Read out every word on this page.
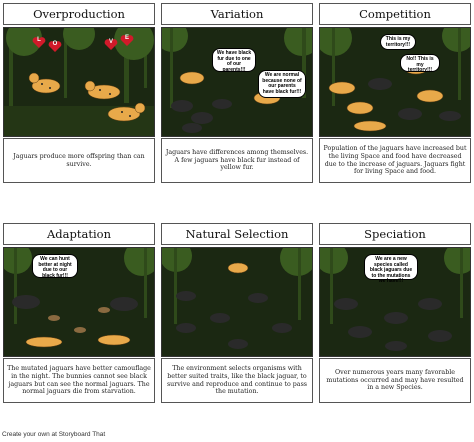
Overproduction
L
O	V
E
Jaguars produce more offspring than can survive.
Variation
We have black fur due to one of our parents!!!
We are normal because none of our parents have black fur!!!
Jaguars have differences among themselves. A few jaguars have black fur instead of yellow fur.
Competition
This is my territory!!!
No!! This is my territory!!!
Population of the jaguars have increased but the living Space and food have decreased due to the increase of jaguars. Jaguars fight for living Space and food.
Adaptation
We can hunt better at night due to our black fur!!!
The mutated jaguars have better camouflage in the night. The bunnies cannot see black jaguars but can see the normal jaguars. The normal jaguars die from starvation.
Natural Selection
The environment selects organisms with better suited traits, like the black jaguar, to survive and reproduce and continue to pass the mutation.
Speciation
We are a new species called black jaguars due to the mutations we have!!!
Over numerous years many favorable mutations occurred and may have resulted in a new Species.
Create your own at Storyboard That
